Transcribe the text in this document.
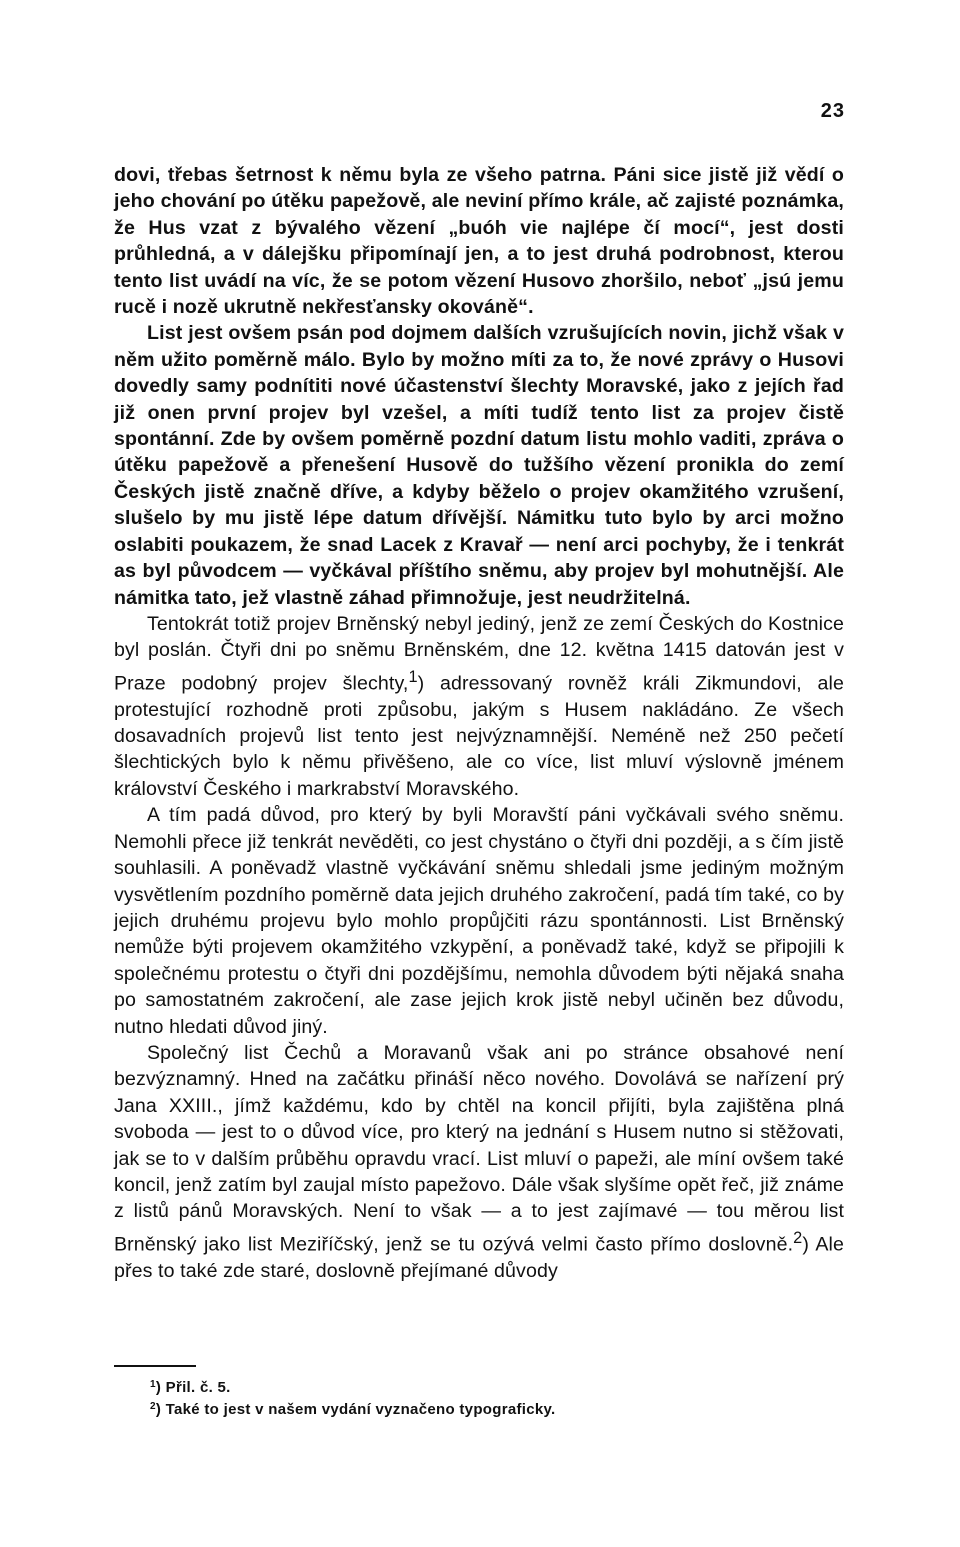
23

dovi, třebas šetrnost k němu byla ze všeho patrna. Páni sice jistě již vědí o jeho chování po útěku papežově, ale neviní přímo krále, ač zajisté poznámka, že Hus vzat z bývalého vězení „buóh vie najlépe čí mocí“, jest dosti průhledná, a v dálejšku připomínají jen, a to jest druhá podrobnost, kterou tento list uvádí na víc, že se potom vězení Husovo zhoršilo, neboť „jsú jemu rucě i nozě ukrutně nekřesťansky okováně“.

List jest ovšem psán pod dojmem dalších vzrušujících novin, jichž však v něm užito poměrně málo. Bylo by možno míti za to, že nové zprávy o Husovi dovedly samy podnítiti nové účastenství šlechty Moravské, jako z jejích řad již onen první projev byl vzešel, a míti tudíž tento list za projev čistě spontánní. Zde by ovšem poměrně pozdní datum listu mohlo vaditi, zpráva o útěku papežově a přenešení Husově do tužšího vězení pronikla do zemí Českých jistě značně dříve, a kdyby běželo o projev okamžitého vzrušení, slušelo by mu jistě lépe datum dřívější. Námitku tuto bylo by arci možno oslabiti poukazem, že snad Lacek z Kravař — není arci pochyby, že i tenkrát as byl původcem — vyčkával příštího sněmu, aby projev byl mohutnější. Ale námitka tato, jež vlastně záhad přimnožuje, jest neudržitelná.

Tentokrát totiž projev Brněnský nebyl jediný, jenž ze zemí Českých do Kostnice byl poslán. Čtyři dni po sněmu Brněnském, dne 12. května 1415 datován jest v Praze podobný projev šlechty,$^1$) adressovaný rovněž králi Zikmundovi, ale protestující rozhodně proti způsobu, jakým s Husem nakládáno. Ze všech dosavadních projevů list tento jest nejvýznamnější. Neméně než 250 pečetí šlechtických bylo k němu přivěšeno, ale co více, list mluví výslovně jménem království Českého i markrabství Moravského.

A tím padá důvod, pro který by byli Moravští páni vyčkávali svého sněmu. Nemohli přece již tenkrát nevěděti, co jest chystáno o čtyři dni později, a s čím jistě souhlasili. A poněvadž vlastně vyčkávání sněmu shledali jsme jediným možným vysvětlením pozdního poměrně data jejich druhého zakročení, padá tím také, co by jejich druhému projevu bylo mohlo propůjčiti rázu spontánnosti. List Brněnský nemůže býti projevem okamžitého vzkypění, a poněvadž také, když se připojili k společnému protestu o čtyři dni pozdějšímu, nemohla důvodem býti nějaká snaha po samostatném zakročení, ale zase jejich krok jistě nebyl učiněn bez důvodu, nutno hledati důvod jiný.

Společný list Čechů a Moravanů však ani po stránce obsahové není bezvýznamný. Hned na začátku přináší něco nového. Dovolává se nařízení prý Jana XXIII., jímž každému, kdo by chtěl na koncil přijíti, byla zajištěna plná svoboda — jest to o důvod více, pro který na jednání s Husem nutno si stěžovati, jak se to v dalším průběhu opravdu vrací. List mluví o papeži, ale míní ovšem také koncil, jenž zatím byl zaujal místo papežovo. Dále však slyšíme opět řeč, již známe z listů pánů Moravských. Není to však — a to jest zajímavé — tou měrou list Brněnský jako list Meziříčský, jenž se tu ozývá velmi často přímo doslovně.$^2$) Ale přes to také zde staré, doslovně přejímané důvody

$^1$) Přil. č. 5.
$^2$) Také to jest v našem vydání vyznačeno typograficky.
